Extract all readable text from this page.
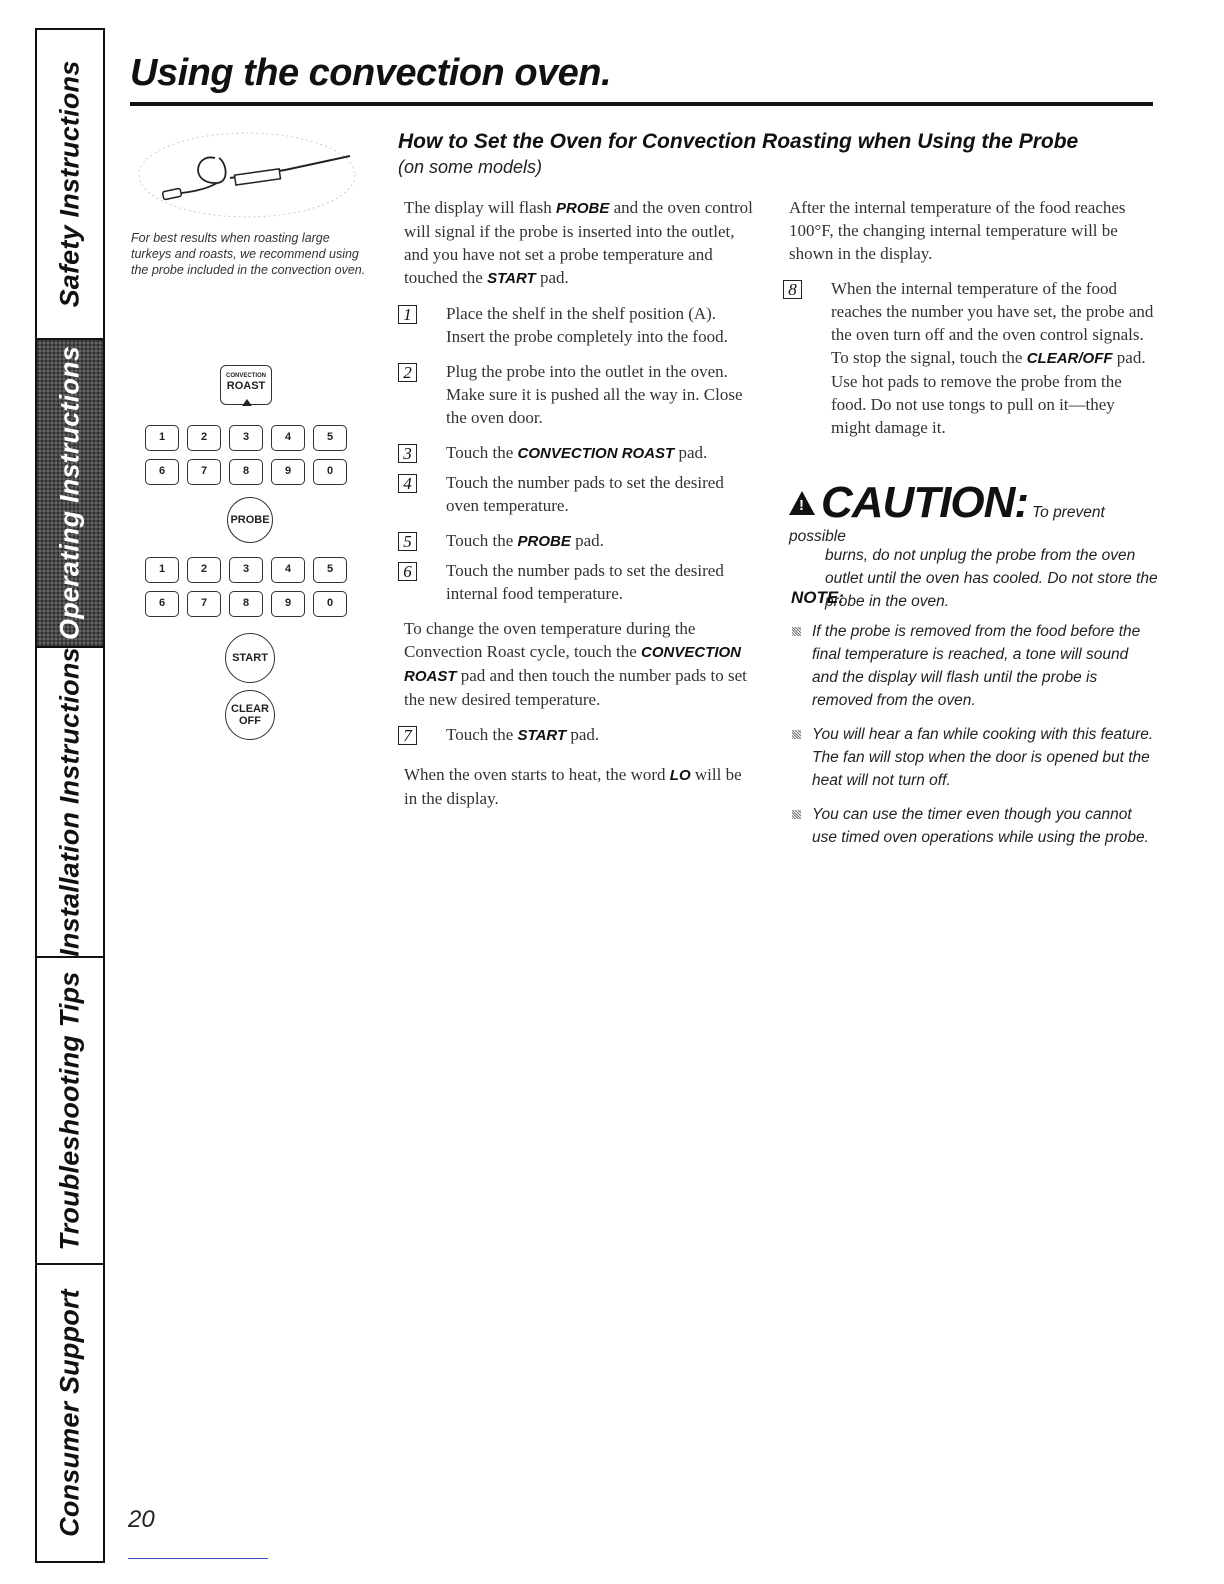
Safety Instructions
Operating Instructions
Installation Instructions
Troubleshooting Tips
Consumer Support
Using the convection oven.
For best results when roasting large turkeys and roasts, we recommend using the probe included in the convection oven.
CONVECTION
ROAST
1	2	3	4	5
6	7	8	9	0
PROBE
1	2	3	4	5
6	7	8	9	0
START
CLEAR
OFF
How to Set the Oven for Convection Roasting when Using the Probe
(on some models)

The display will flash PROBE and the oven control will signal if the probe is inserted into the outlet, and you have not set a probe temperature and touched the START pad.

1	Place the shelf in the shelf position (A). Insert the probe completely into the food.
2	Plug the probe into the outlet in the oven. Make sure it is pushed all the way in. Close the oven door.
3	Touch the CONVECTION ROAST pad.
4	Touch the number pads to set the desired oven temperature.
5	Touch the PROBE pad.
6	Touch the number pads to set the desired internal food temperature.

To change the oven temperature during the Convection Roast cycle, touch the CONVECTION ROAST pad and then touch the number pads to set the new desired temperature.

7	Touch the START pad.

When the oven starts to heat, the word LO will be in the display.

After the internal temperature of the food reaches 100°F, the changing internal temperature will be shown in the display.

8	When the internal temperature of the food reaches the number you have set, the probe and the oven turn off and the oven control signals. To stop the signal, touch the CLEAR/OFF pad. Use hot pads to remove the probe from the food. Do not use tongs to pull on it—they might damage it.
!CAUTION: To prevent possible
burns, do not unplug the probe from the oven outlet until the oven has cooled. Do not store the probe in the oven.
NOTE:
If the probe is removed from the food before the final temperature is reached, a tone will sound and the display will flash until the probe is removed from the oven.
You will hear a fan while cooking with this feature. The fan will stop when the door is opened but the heat will not turn off.
You can use the timer even though you cannot use timed oven operations while using the probe.
20
